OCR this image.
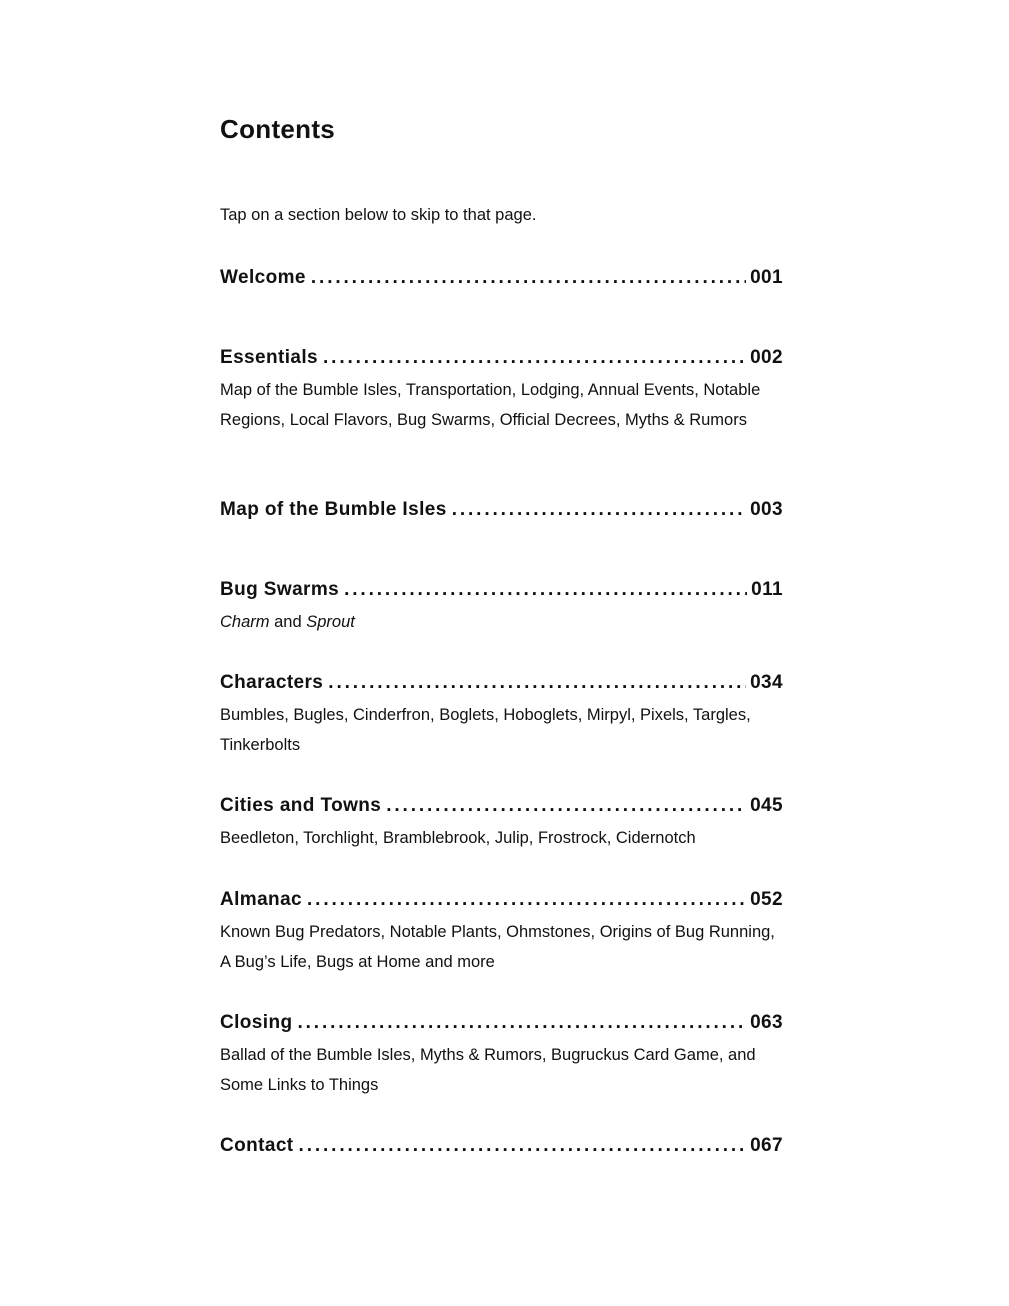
Contents
Tap on a section below to skip to that page.
Welcome . . .	001
Essentials . . .	002
Map of the Bumble Isles, Transportation, Lodging, Annual Events, Notable Regions, Local Flavors, Bug Swarms, Official Decrees, Myths & Rumors
Map of the Bumble Isles . . .	003
Bug Swarms . . .	011
Charm and Sprout
Characters . . .	034
Bumbles, Bugles, Cinderfron, Boglets, Hoboglets, Mirpyl, Pixels, Targles, Tinkerbolts
Cities and Towns . . .	045
Beedleton, Torchlight, Bramblebrook, Julip, Frostrock, Cidernotch
Almanac . . .	052
Known Bug Predators, Notable Plants, Ohmstones, Origins of Bug Running, A Bug’s Life, Bugs at Home and more
Closing . . .	063
Ballad of the Bumble Isles, Myths & Rumors, Bugruckus Card Game, and Some Links to Things
Contact . . .	067
